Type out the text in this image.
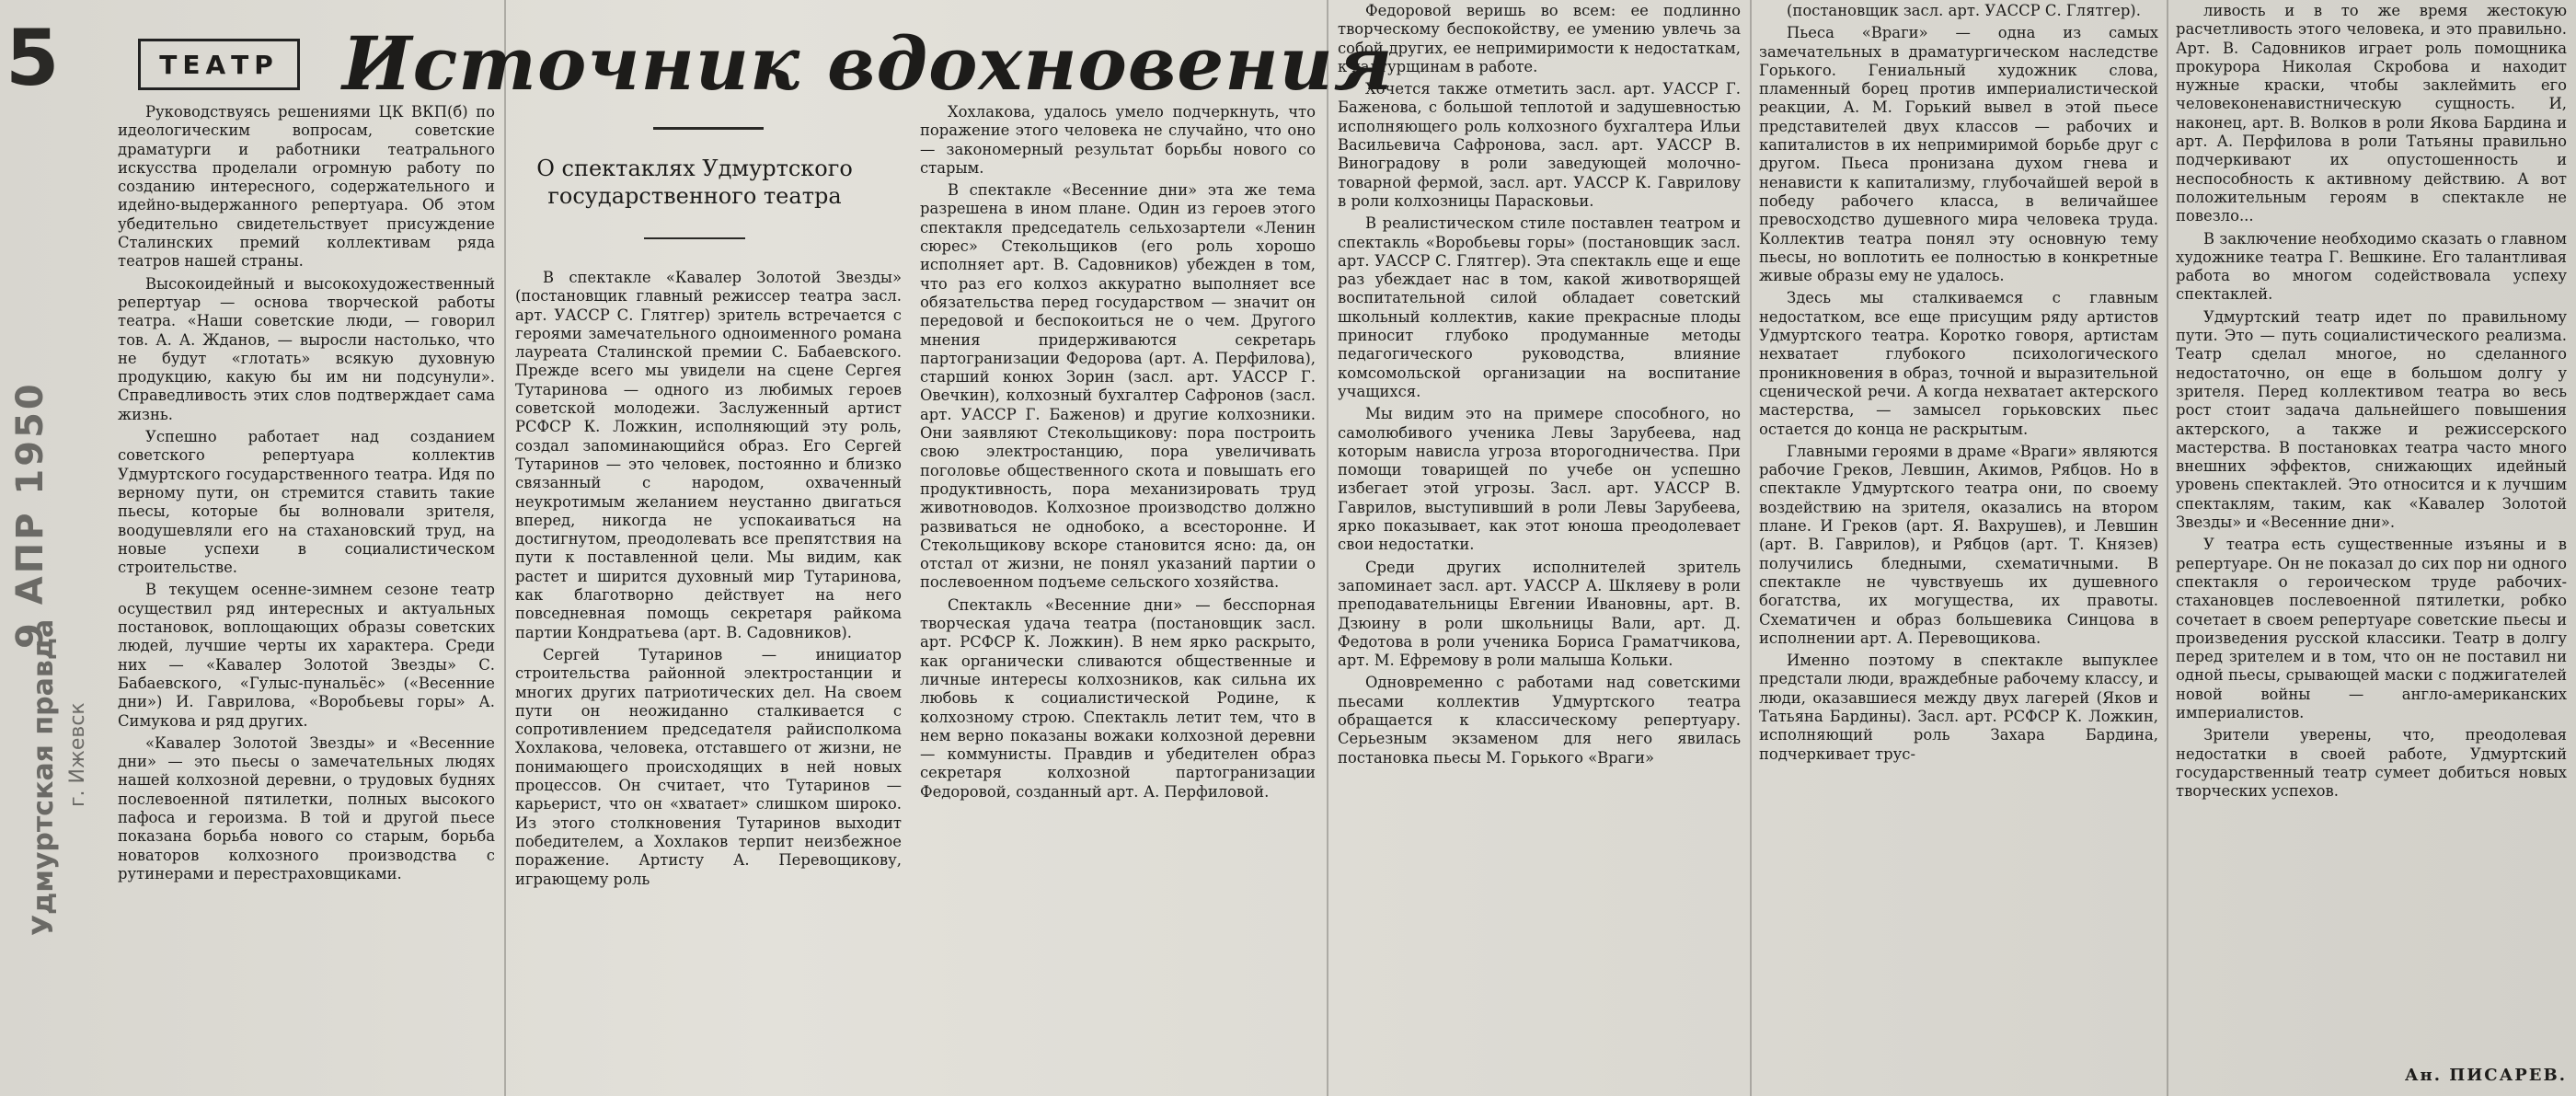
5
9 АПР 1950
Удмуртская правда г. Ижевск
ТЕАТР Источник вдохновения
О спектаклях Удмуртского государственного театра

Руководствуясь решениями ЦК ВКП(б) по идеологическим вопросам, советские драматурги и работники театрального искусства проделали огромную работу по созданию интересного, содержательного и идейно-выдержанного репертуара. Об этом убедительно свидетельствует присуждение Сталинских премий коллективам ряда театров нашей страны.

Высокоидейный и высокохудожественный репертуар — основа творческой работы театра. «Наши советские люди, — говорил тов. А. А. Жданов, — выросли настолько, что не будут «глотать» всякую духовную продукцию, какую бы им ни подсунули». Справедливость этих слов подтверждает сама жизнь.

Успешно работает над созданием советского репертуара коллектив Удмуртского государственного театра. Идя по верному пути, он стремится ставить такие пьесы, которые бы волновали зрителя, воодушевляли его на стахановский труд, на новые успехи в социалистическом строительстве.

В текущем осенне-зимнем сезоне театр осуществил ряд интересных и актуальных постановок, воплощающих образы советских людей, лучшие черты их характера. Среди них — «Кавалер Золотой Звезды» С. Бабаевского, «Гулыс-пунальёс» («Весенние дни») И. Гаврилова, «Воробьевы горы» А. Симукова и ряд других.

«Кавалер Золотой Звезды» и «Весенние дни» — это пьесы о замечательных людях нашей колхозной деревни, о трудовых буднях послевоенной пятилетки, полных высокого пафоса и героизма. В той и другой пьесе показана борьба нового со старым, борьба новаторов колхозного производства с рутинерами и перестраховщиками.

В спектакле «Кавалер Золотой Звезды» (постановщик главный режиссер театра засл. арт. УАССР С. Глятгер) зритель встречается с героями замечательного одноименного романа лауреата Сталинской премии С. Бабаевского. Прежде всего мы увидели на сцене Сергея Тутаринова — одного из любимых героев советской молодежи. Заслуженный артист РСФСР К. Ложкин, исполняющий эту роль, создал запоминающийся образ. Его Сергей Тутаринов — это человек, постоянно и близко связанный с народом, охваченный неукротимым желанием неустанно двигаться вперед, никогда не успокаиваться на достигнутом, преодолевать все препятствия на пути к поставленной цели. Мы видим, как растет и ширится духовный мир Тутаринова, как благотворно действует на него повседневная помощь секретаря райкома партии Кондратьева (арт. В. Садовников).

Сергей Тутаринов — инициатор строительства районной электростанции и многих других патриотических дел. На своем пути он неожиданно сталкивается с сопротивлением председателя райисполкома Хохлакова, человека, отставшего от жизни, не понимающего происходящих в ней новых процессов. Он считает, что Тутаринов — карьерист, что он «хватает» слишком широко. Из этого столкновения Тутаринов выходит победителем, а Хохлаков терпит неизбежное поражение. Артисту А. Перевощикову, играющему роль

Хохлакова, удалось умело подчеркнуть, что поражение этого человека не случайно, что оно — закономерный результат борьбы нового со старым.

В спектакле «Весенние дни» эта же тема разрешена в ином плане. Один из героев этого спектакля председатель сельхозартели «Ленин сюрес» Стекольщиков (его роль хорошо исполняет арт. В. Садовников) убежден в том, что раз его колхоз аккуратно выполняет все обязательства перед государством — значит он передовой и беспокоиться не о чем. Другого мнения придерживаются секретарь партогранизации Федорова (арт. А. Перфилова), старший конюх Зорин (засл. арт. УАССР Г. Овечкин), колхозный бухгалтер Сафронов (засл. арт. УАССР Г. Баженов) и другие колхозники. Они заявляют Стекольщикову: пора построить свою электростанцию, пора увеличивать поголовье общественного скота и повышать его продуктивность, пора механизировать труд животноводов. Колхозное производство должно развиваться не однобоко, а всесторонне. И Стекольщикову вскоре становится ясно: да, он отстал от жизни, не понял указаний партии о послевоенном подъеме сельского хозяйства.

Спектакль «Весенние дни» — бесспорная творческая удача театра (постановщик засл. арт. РСФСР К. Ложкин). В нем ярко раскрыто, как органически сливаются общественные и личные интересы колхозников, как сильна их любовь к социалистической Родине, к колхозному строю. Спектакль летит тем, что в нем верно показаны вожаки колхозной деревни — коммунисты. Правдив и убедителен образ секретаря колхозной партогранизации Федоровой, созданный арт. А. Перфиловой.

Федоровой веришь во всем: ее подлинно творческому беспокойству, ее умению увлечь за собой других, ее непримиримости к недостаткам, к халтурщинам в работе.

Хочется также отметить засл. арт. УАССР Г. Баженова, с большой теплотой и задушевностью исполняющего роль колхозного бухгалтера Ильи Васильевича Сафронова, засл. арт. УАССР В. Виноградову в роли заведующей молочно-товарной фермой, засл. арт. УАССР К. Гаврилову в роли колхозницы Парасковьи.

В реалистическом стиле поставлен театром и спектакль «Воробьевы горы» (постановщик засл. арт. УАССР С. Глятгер). Эта спектакль еще и еще раз убеждает нас в том, какой животворящей воспитательной силой обладает советский школьный коллектив, какие прекрасные плоды приносит глубоко продуманные методы педагогического руководства, влияние комсомольской организации на воспитание учащихся.

Мы видим это на примере способного, но самолюбивого ученика Левы Зарубеева, над которым нависла угроза второгодничества. При помощи товарищей по учебе он успешно избегает этой угрозы. Засл. арт. УАССР В. Гаврилов, выступивший в роли Левы Зарубеева, ярко показывает, как этот юноша преодолевает свои недостатки.

Среди других исполнителей зритель запоминает засл. арт. УАССР А. Шкляеву в роли преподавательницы Евгении Ивановны, арт. В. Дзюину в роли школьницы Вали, арт. Д. Федотова в роли ученика Бориса Граматчикова, арт. М. Ефремову в роли малыша Кольки.

Одновременно с работами над советскими пьесами коллектив Удмуртского театра обращается к классическому репертуару. Серьезным экзаменом для него явилась постановка пьесы М. Горького «Враги»

(постановщик засл. арт. УАССР С. Глятгер).

Пьеса «Враги» — одна из самых замечательных в драматургическом наследстве Горького. Гениальный художник слова, пламенный борец против империалистической реакции, А. М. Горький вывел в этой пьесе представителей двух классов — рабочих и капиталистов в их непримиримой борьбе друг с другом. Пьеса пронизана духом гнева и ненависти к капитализму, глубочайшей верой в победу рабочего класса, в величайшее превосходство душевного мира человека труда. Коллектив театра понял эту основную тему пьесы, но воплотить ее полностью в конкретные живые образы ему не удалось.

Здесь мы сталкиваемся с главным недостатком, все еще присущим ряду артистов Удмуртского театра. Коротко говоря, артистам нехватает глубокого психологического проникновения в образ, точной и выразительной сценической речи. А когда нехватает актерского мастерства, — замысел горьковских пьес остается до конца не раскрытым.

Главными героями в драме «Враги» являются рабочие Греков, Левшин, Акимов, Рябцов. Но в спектакле Удмуртского театра они, по своему воздействию на зрителя, оказались на втором плане. И Греков (арт. Я. Вахрушев), и Левшин (арт. В. Гаврилов), и Рябцов (арт. Т. Князев) получились бледными, схематичными. В спектакле не чувствуешь их душевного богатства, их могущества, их правоты. Схематичен и образ большевика Синцова в исполнении арт. А. Перевощикова.

Именно поэтому в спектакле выпуклее предстали люди, враждебные рабочему классу, и люди, оказавшиеся между двух лагерей (Яков и Татьяна Бардины). Засл. арт. РСФСР К. Ложкин, исполняющий роль Захара Бардина, подчеркивает трус-

ливость и в то же время жестокую расчетливость этого человека, и это правильно. Арт. В. Садовников играет роль помощника прокурора Николая Скробова и находит нужные краски, чтобы заклеймить его человеконенавистническую сущность. И, наконец, арт. В. Волков в роли Якова Бардина и арт. А. Перфилова в роли Татьяны правильно подчеркивают их опустошенность и неспособность к активному действию. А вот положительным героям в спектакле не повезло...

В заключение необходимо сказать о главном художнике театра Г. Вешкине. Его талантливая работа во многом содействовала успеху спектаклей.

Удмуртский театр идет по правильному пути. Это — путь социалистического реализма. Театр сделал многое, но сделанного недостаточно, он еще в большом долгу у зрителя. Перед коллективом театра во весь рост стоит задача дальнейшего повышения актерского, а также и режиссерского мастерства. В постановках театра часто много внешних эффектов, снижающих идейный уровень спектаклей. Это относится и к лучшим спектаклям, таким, как «Кавалер Золотой Звезды» и «Весенние дни».

У театра есть существенные изъяны и в репертуаре. Он не показал до сих пор ни одного спектакля о героическом труде рабочих-стахановцев послевоенной пятилетки, робко сочетает в своем репертуаре советские пьесы и произведения русской классики. Театр в долгу перед зрителем и в том, что он не поставил ни одной пьесы, срывающей маски с поджигателей новой войны — англо-американских империалистов.

Зрители уверены, что, преодолевая недостатки в своей работе, Удмуртский государственный театр сумеет добиться новых творческих успехов.

Ан. ПИСАРЕВ.
